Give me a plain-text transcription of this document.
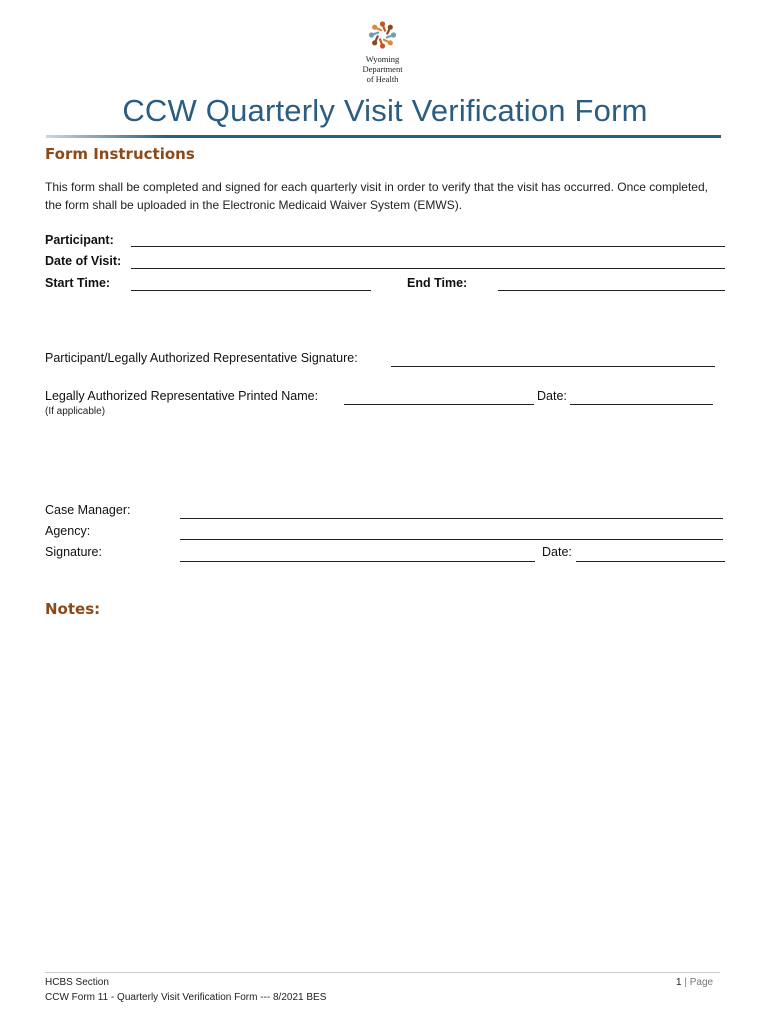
Wyoming
Department
of Health
CCW Quarterly Visit Verification Form
Form Instructions
This form shall be completed and signed for each quarterly visit in order to verify that the visit has occurred. Once completed, the form shall be uploaded in the Electronic Medicaid Waiver System (EMWS).
Participant:
Date of Visit:
Start Time:	End Time:
Participant/Legally Authorized Representative Signature:
Legally Authorized Representative Printed Name:	Date:
(If applicable)
Case Manager:
Agency:
Signature:	Date:
Notes:
HCBS Section
CCW Form 11 - Quarterly Visit Verification Form --- 8/2021 BES
1 | Page
